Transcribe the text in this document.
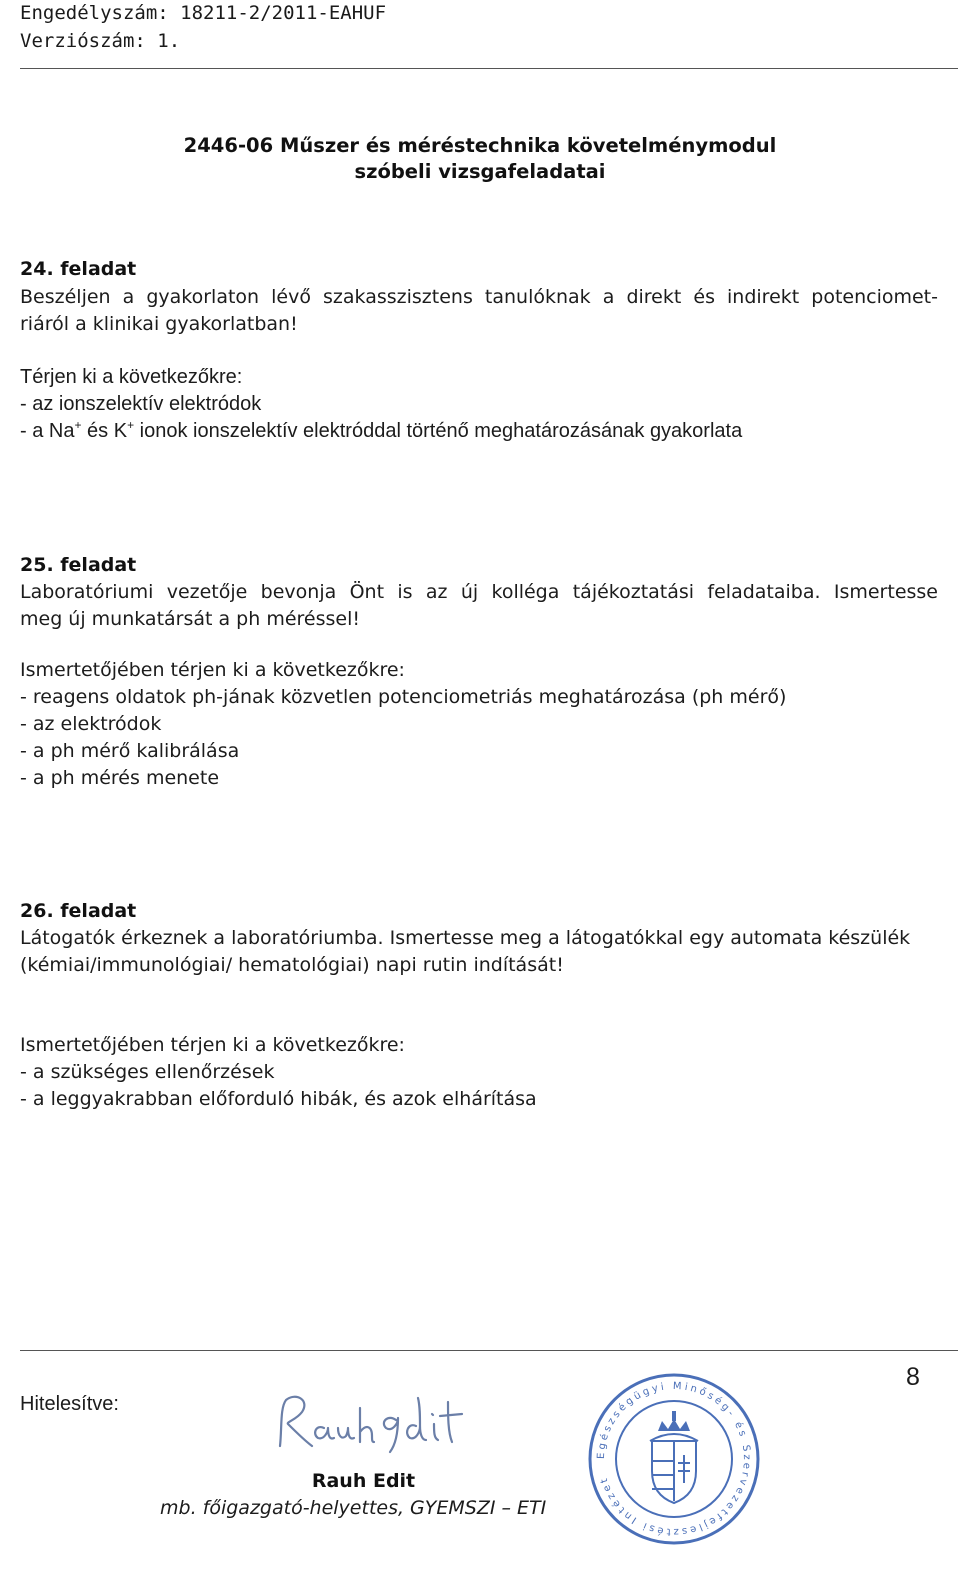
Engedélyszám: 18211-2/2011-EAHUF
Verziószám: 1.
2446-06 Műszer és méréstechnika követelménymodul
szóbeli vizsgafeladatai
24. feladat
Beszéljen a gyakorlaton lévő szakasszisztens tanulóknak a direkt és indirekt potenciomet-
riáról a klinikai gyakorlatban!
Térjen ki a következőkre:
- az ionszelektív elektródok
- a Na+ és K+ ionok ionszelektív elektróddal történő meghatározásának gyakorlata
25. feladat
Laboratóriumi vezetője bevonja Önt is az új kolléga tájékoztatási feladataiba. Ismertesse
meg új munkatársát a ph méréssel!
Ismertetőjében térjen ki a következőkre:
- reagens oldatok ph-jának közvetlen potenciometriás meghatározása (ph mérő)
- az elektródok
- a ph mérő kalibrálása
- a ph mérés menete
26. feladat
Látogatók érkeznek a laboratóriumba. Ismertesse meg a látogatókkal egy automata készülék
(kémiai/immunológiai/ hematológiai) napi rutin indítását!
Ismertetőjében térjen ki a következőkre:
- a szükséges ellenőrzések
- a leggyakrabban előforduló hibák, és azok elhárítása
8
Hitelesítve:
Rauh Edit
mb. főigazgató-helyettes, GYEMSZI – ETI
Egészségügyi Minőség- és Szervezetfejlesztési Intézet
